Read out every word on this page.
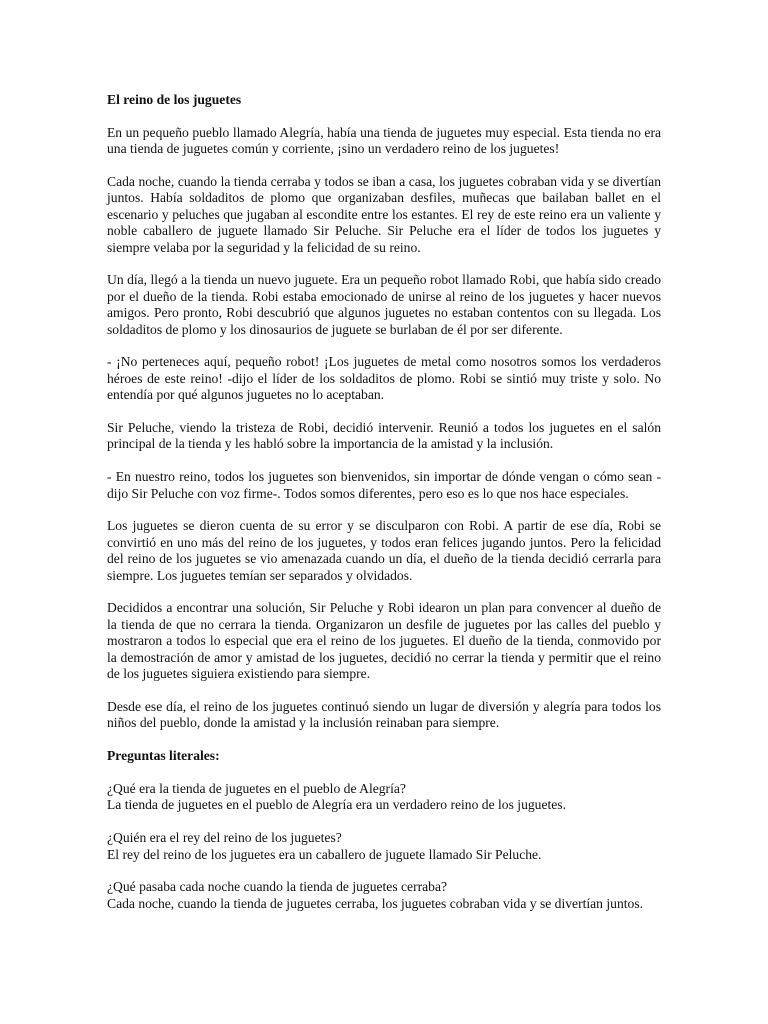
El reino de los juguetes

En un pequeño pueblo llamado Alegría, había una tienda de juguetes muy especial. Esta tienda no era una tienda de juguetes común y corriente, ¡sino un verdadero reino de los juguetes!

Cada noche, cuando la tienda cerraba y todos se iban a casa, los juguetes cobraban vida y se divertían juntos. Había soldaditos de plomo que organizaban desfiles, muñecas que bailaban ballet en el escenario y peluches que jugaban al escondite entre los estantes. El rey de este reino era un valiente y noble caballero de juguete llamado Sir Peluche. Sir Peluche era el líder de todos los juguetes y siempre velaba por la seguridad y la felicidad de su reino.

Un día, llegó a la tienda un nuevo juguete. Era un pequeño robot llamado Robi, que había sido creado por el dueño de la tienda. Robi estaba emocionado de unirse al reino de los juguetes y hacer nuevos amigos. Pero pronto, Robi descubrió que algunos juguetes no estaban contentos con su llegada. Los soldaditos de plomo y los dinosaurios de juguete se burlaban de él por ser diferente.

- ¡No perteneces aquí, pequeño robot! ¡Los juguetes de metal como nosotros somos los verdaderos héroes de este reino! -dijo el líder de los soldaditos de plomo. Robi se sintió muy triste y solo. No entendía por qué algunos juguetes no lo aceptaban.

Sir Peluche, viendo la tristeza de Robi, decidió intervenir. Reunió a todos los juguetes en el salón principal de la tienda y les habló sobre la importancia de la amistad y la inclusión.

- En nuestro reino, todos los juguetes son bienvenidos, sin importar de dónde vengan o cómo sean - dijo Sir Peluche con voz firme-. Todos somos diferentes, pero eso es lo que nos hace especiales.

Los juguetes se dieron cuenta de su error y se disculparon con Robi. A partir de ese día, Robi se convirtió en uno más del reino de los juguetes, y todos eran felices jugando juntos. Pero la felicidad del reino de los juguetes se vio amenazada cuando un día, el dueño de la tienda decidió cerrarla para siempre. Los juguetes temían ser separados y olvidados.

Decididos a encontrar una solución, Sir Peluche y Robi idearon un plan para convencer al dueño de la tienda de que no cerrara la tienda. Organizaron un desfile de juguetes por las calles del pueblo y mostraron a todos lo especial que era el reino de los juguetes. El dueño de la tienda, conmovido por la demostración de amor y amistad de los juguetes, decidió no cerrar la tienda y permitir que el reino de los juguetes siguiera existiendo para siempre.

Desde ese día, el reino de los juguetes continuó siendo un lugar de diversión y alegría para todos los niños del pueblo, donde la amistad y la inclusión reinaban para siempre.

Preguntas literales:

¿Qué era la tienda de juguetes en el pueblo de Alegría?
La tienda de juguetes en el pueblo de Alegría era un verdadero reino de los juguetes.
¿Quién era el rey del reino de los juguetes?
El rey del reino de los juguetes era un caballero de juguete llamado Sir Peluche.
¿Qué pasaba cada noche cuando la tienda de juguetes cerraba?
Cada noche, cuando la tienda de juguetes cerraba, los juguetes cobraban vida y se divertían juntos.
